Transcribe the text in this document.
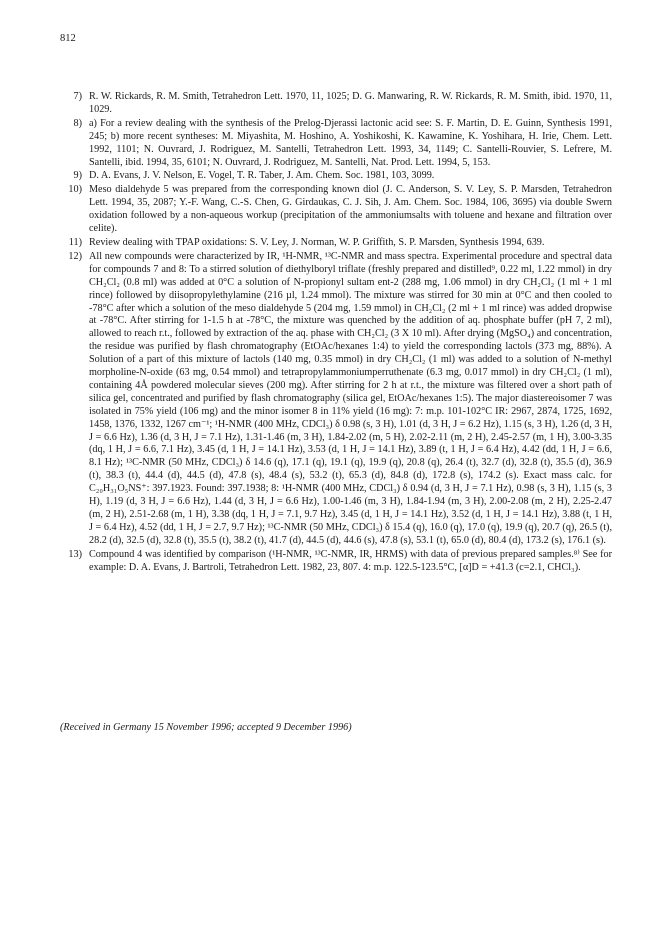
812
7) R. W. Rickards, R. M. Smith, Tetrahedron Lett. 1970, 11, 1025; D. G. Manwaring, R. W. Rickards, R. M. Smith, ibid. 1970, 11, 1029.
8) a) For a review dealing with the synthesis of the Prelog-Djerassi lactonic acid see: S. F. Martin, D. E. Guinn, Synthesis 1991, 245; b) more recent syntheses: M. Miyashita, M. Hoshino, A. Yoshikoshi, K. Kawamine, K. Yoshihara, H. Irie, Chem. Lett. 1992, 1101; N. Ouvrard, J. Rodriguez, M. Santelli, Tetrahedron Lett. 1993, 34, 1149; C. Santelli-Rouvier, S. Lefrere, M. Santelli, ibid. 1994, 35, 6101; N. Ouvrard, J. Rodriguez, M. Santelli, Nat. Prod. Lett. 1994, 5, 153.
9) D. A. Evans, J. V. Nelson, E. Vogel, T. R. Taber, J. Am. Chem. Soc. 1981, 103, 3099.
10) Meso dialdehyde 5 was prepared from the corresponding known diol (J. C. Anderson, S. V. Ley, S. P. Marsden, Tetrahedron Lett. 1994, 35, 2087; Y.-F. Wang, C.-S. Chen, G. Girdaukas, C. J. Sih, J. Am. Chem. Soc. 1984, 106, 3695) via double Swern oxidation followed by a non-aqueous workup (precipitation of the ammoniumsalts with toluene and hexane and filtration over celite).
11) Review dealing with TPAP oxidations: S. V. Ley, J. Norman, W. P. Griffith, S. P. Marsden, Synthesis 1994, 639.
12) All new compounds were characterized by IR, ¹H-NMR, ¹³C-NMR and mass spectra. Experimental procedure and spectral data for compounds 7 and 8: To a stirred solution of diethylboryl triflate (freshly prepared and distilled⁹, 0.22 ml, 1.22 mmol) in dry CH₂Cl₂ (0.8 ml) was added at 0°C a solution of N-propionyl sultam ent-2 (288 mg, 1.06 mmol) in dry CH₂Cl₂ (1 ml + 1 ml rince) followed by diisopropylethylamine (216 µl, 1.24 mmol). The mixture was stirred for 30 min at 0°C and then cooled to -78°C after which a solution of the meso dialdehyde 5 (204 mg, 1.59 mmol) in CH₂Cl₂ (2 ml + 1 ml rince) was added dropwise at -78°C. After stirring for 1-1.5 h at -78°C, the mixture was quenched by the addition of aq. phosphate buffer (pH 7, 2 ml), allowed to reach r.t., followed by extraction of the aq. phase with CH₂Cl₂ (3 X 10 ml). After drying (MgSO₄) and concentration, the residue was purified by flash chromatography (EtOAc/hexanes 1:4) to yield the corresponding lactols (373 mg, 88%). A Solution of a part of this mixture of lactols (140 mg, 0.35 mmol) in dry CH₂Cl₂ (1 ml) was added to a solution of N-methyl morpholine-N-oxide (63 mg, 0.54 mmol) and tetrapropylammoniumperruthenate (6.3 mg, 0.017 mmol) in dry CH₂Cl₂ (1 ml), containing 4Å powdered molecular sieves (200 mg). After stirring for 2 h at r.t., the mixture was filtered over a short path of silica gel, concentrated and purified by flash chromatography (silica gel, EtOAc/hexanes 1:5). The major diastereoisomer 7 was isolated in 75% yield (106 mg) and the minor isomer 8 in 11% yield (16 mg): 7: m.p. 101-102°C IR: 2967, 2874, 1725, 1692, 1458, 1376, 1332, 1267 cm⁻¹; ¹H-NMR (400 MHz, CDCl₃) δ 0.98 (s, 3 H), 1.01 (d, 3 H, J = 6.2 Hz), 1.15 (s, 3 H), 1.26 (d, 3 H, J = 6.6 Hz), 1.36 (d, 3 H, J = 7.1 Hz), 1.31-1.46 (m, 3 H), 1.84-2.02 (m, 5 H), 2.02-2.11 (m, 2 H), 2.45-2.57 (m, 1 H), 3.00-3.35 (dq, 1 H, J = 6.6, 7.1 Hz), 3.45 (d, 1 H, J = 14.1 Hz), 3.53 (d, 1 H, J = 14.1 Hz), 3.89 (t, 1 H, J = 6.4 Hz), 4.42 (dd, 1 H, J = 6.6, 8.1 Hz); ¹³C-NMR (50 MHz, CDCl₃) δ 14.6 (q), 17.1 (q), 19.1 (q), 19.9 (q), 20.8 (q), 26.4 (t), 32.7 (d), 32.8 (t), 35.5 (d), 36.9 (t), 38.3 (t), 44.4 (d), 44.5 (d), 47.8 (s), 48.4 (s), 53.2 (t), 65.3 (d), 84.8 (d), 172.8 (s), 174.2 (s). Exact mass calc. for C₂₀H₃₁O₅NS⁺: 397.1923. Found: 397.1938; 8: ¹H-NMR (400 MHz, CDCl₃) δ 0.94 (d, 3 H, J = 7.1 Hz), 0.98 (s, 3 H), 1.15 (s, 3 H), 1.19 (d, 3 H, J = 6.6 Hz), 1.44 (d, 3 H, J = 6.6 Hz), 1.00-1.46 (m, 3 H), 1.84-1.94 (m, 3 H), 2.00-2.08 (m, 2 H), 2.25-2.47 (m, 2 H), 2.51-2.68 (m, 1 H), 3.38 (dq, 1 H, J = 7.1, 9.7 Hz), 3.45 (d, 1 H, J = 14.1 Hz), 3.52 (d, 1 H, J = 14.1 Hz), 3.88 (t, 1 H, J = 6.4 Hz), 4.52 (dd, 1 H, J = 2.7, 9.7 Hz); ¹³C-NMR (50 MHz, CDCl₃) δ 15.4 (q), 16.0 (q), 17.0 (q), 19.9 (q), 20.7 (q), 26.5 (t), 28.2 (d), 32.5 (d), 32.8 (t), 35.5 (t), 38.2 (t), 41.7 (d), 44.5 (d), 44.6 (s), 47.8 (s), 53.1 (t), 65.0 (d), 80.4 (d), 173.2 (s), 176.1 (s).
13) Compound 4 was identified by comparison (¹H-NMR, ¹³C-NMR, IR, HRMS) with data of previous prepared samples.⁸⁾ See for example: D. A. Evans, J. Bartroli, Tetrahedron Lett. 1982, 23, 807. 4: m.p. 122.5-123.5°C, [α]D = +41.3 (c=2.1, CHCl₃).
(Received in Germany 15 November 1996; accepted 9 December 1996)
